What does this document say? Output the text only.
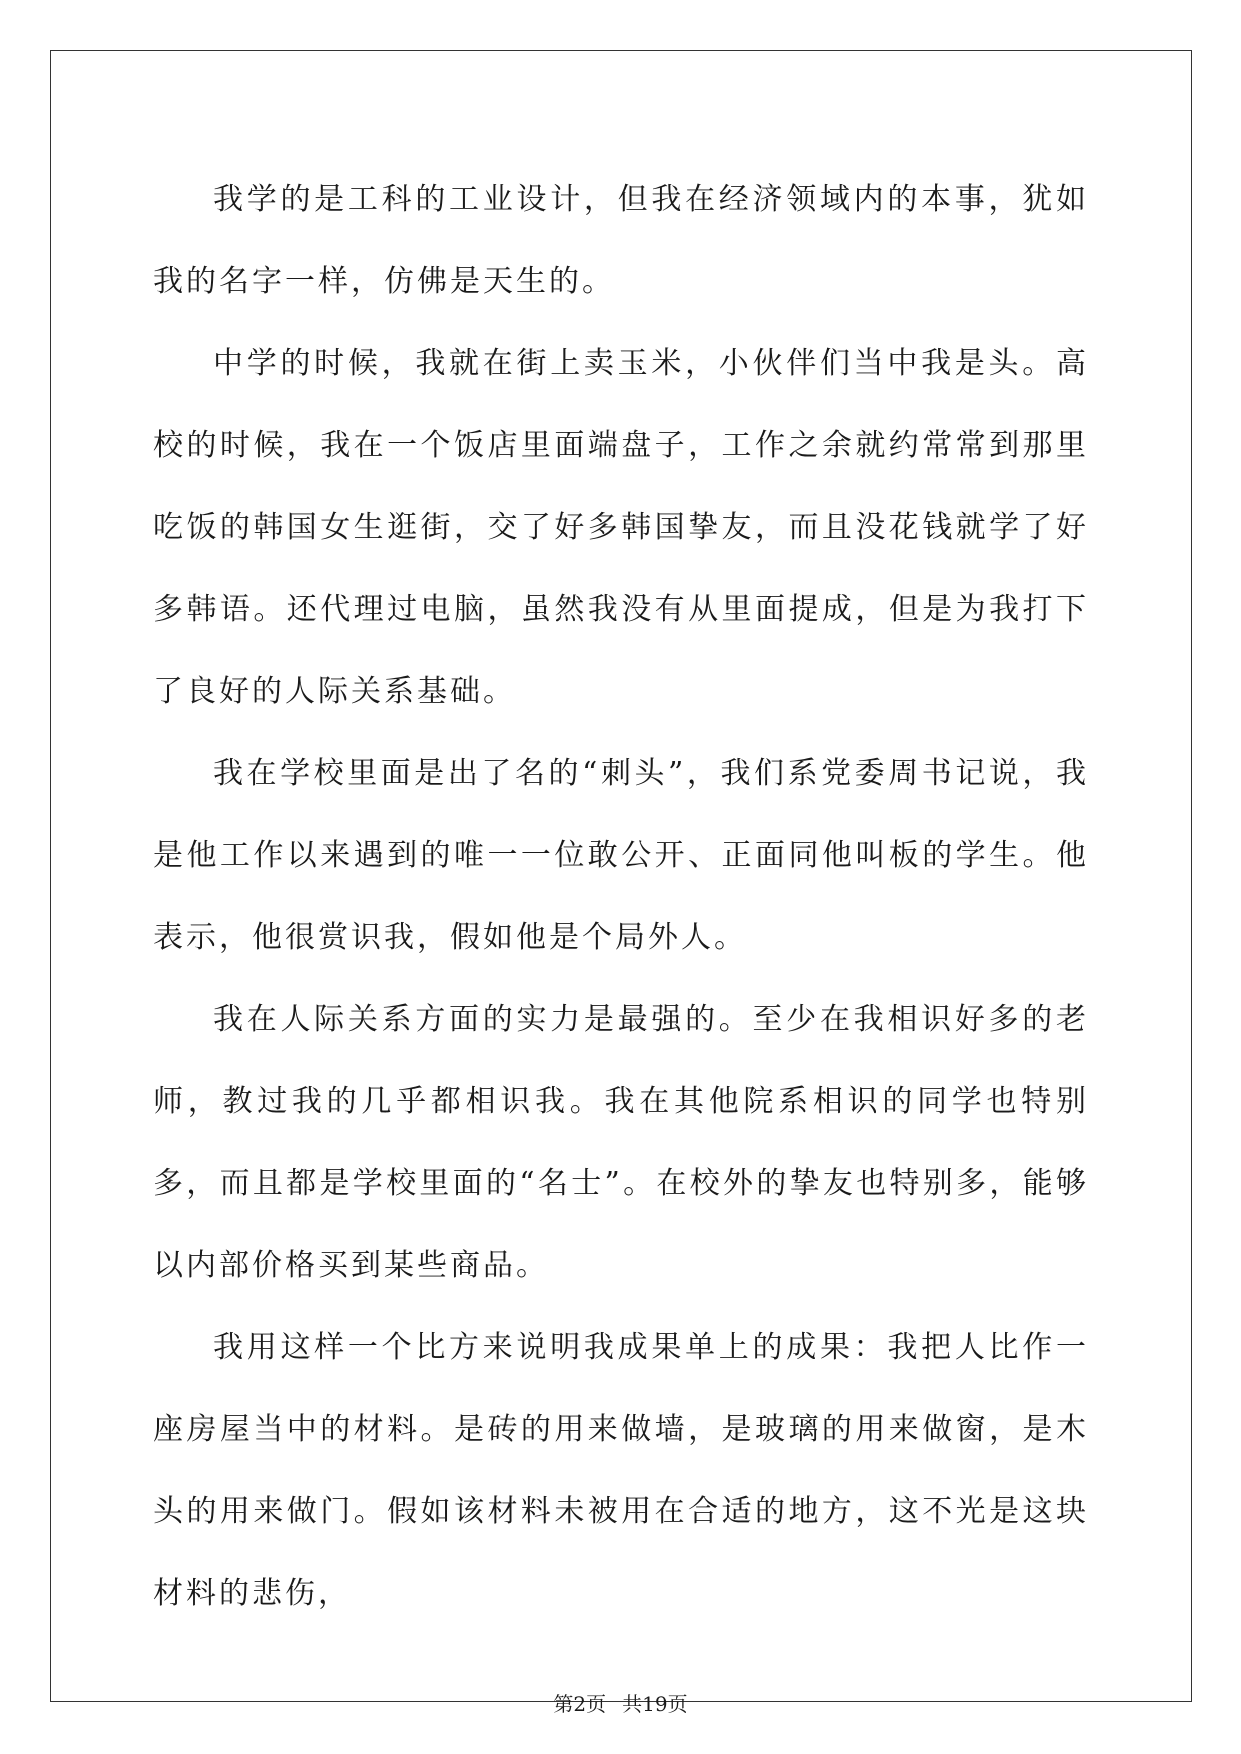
我学的是工科的工业设计，但我在经济领域内的本事，犹如我的名字一样，仿佛是天生的。

中学的时候，我就在街上卖玉米，小伙伴们当中我是头。高校的时候，我在一个饭店里面端盘子，工作之余就约常常到那里吃饭的韩国女生逛街，交了好多韩国挚友，而且没花钱就学了好多韩语。还代理过电脑，虽然我没有从里面提成，但是为我打下了良好的人际关系基础。

我在学校里面是出了名的“刺头”，我们系党委周书记说，我是他工作以来遇到的唯一一位敢公开、正面同他叫板的学生。他表示，他很赏识我，假如他是个局外人。

我在人际关系方面的实力是最强的。至少在我相识好多的老师，教过我的几乎都相识我。我在其他院系相识的同学也特别多，而且都是学校里面的“名士”。在校外的挚友也特别多，能够以内部价格买到某些商品。

我用这样一个比方来说明我成果单上的成果：我把人比作一座房屋当中的材料。是砖的用来做墙，是玻璃的用来做窗，是木头的用来做门。假如该材料未被用在合适的地方，这不光是这块材料的悲伤，

第2页 共19页
